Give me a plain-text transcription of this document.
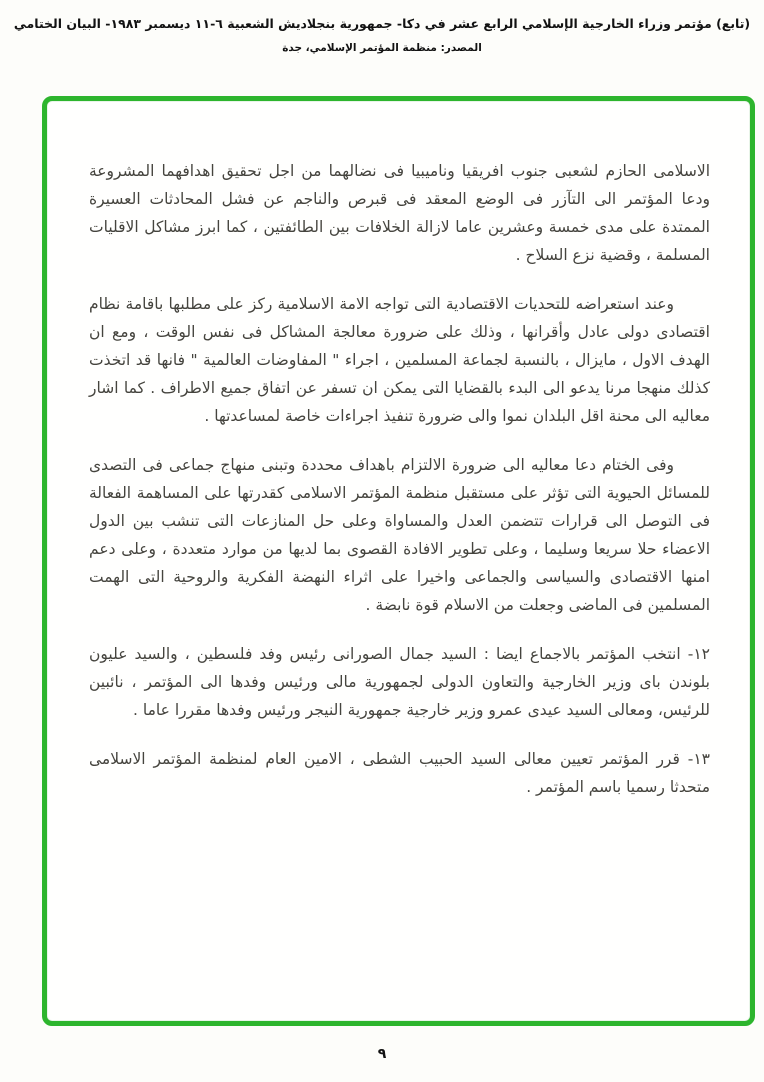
(تابع) مؤتمر وزراء الخارجية الإسلامي الرابع عشر في دكا- جمهورية بنجلاديش الشعبية ٦-١١ ديسمبر ١٩٨٣- البيان الختامي
المصدر: منظمة المؤتمر الإسلامي، جدة

الاسلامى الحازم لشعبى جنوب افريقيا وناميبيا فى نضالهما من اجل تحقيق اهدافهما المشروعة ودعا المؤتمر الى التآزر فى الوضع المعقد فى قبرص والناجم عن فشل المحادثات العسيرة الممتدة على مدى خمسة وعشرين عاما لازالة الخلافات بين الطائفتين ، كما ابرز مشاكل الاقليات المسلمة ، وقضية نزع السلاح .

وعند استعراضه للتحديات الاقتصادية التى تواجه الامة الاسلامية ركز على مطلبها باقامة نظام اقتصادى دولى عادل وأقرانها ، وذلك على ضرورة معالجة المشاكل فى نفس الوقت ، ومع ان الهدف الاول ، مايزال ، بالنسبة لجماعة المسلمين ، اجراء " المفاوضات العالمية " فانها قد اتخذت كذلك منهجا مرنا يدعو الى البدء بالقضايا التى يمكن ان تسفر عن اتفاق جميع الاطراف . كما اشار معاليه الى محنة اقل البلدان نموا والى ضرورة تنفيذ اجراءات خاصة لمساعدتها .

وفى الختام دعا معاليه الى ضرورة الالتزام باهداف محددة وتبنى منهاج جماعى فى التصدى للمسائل الحيوية التى تؤثر على مستقبل منظمة المؤتمر الاسلامى كقدرتها على المساهمة الفعالة فى التوصل الى قرارات تتضمن العدل والمساواة وعلى حل المنازعات التى تنشب بين الدول الاعضاء حلا سريعا وسليما ، وعلى تطوير الافادة القصوى بما لديها من موارد متعددة ، وعلى دعم امنها الاقتصادى والسياسى والجماعى واخيرا على اثراء النهضة الفكرية والروحية التى الهمت المسلمين فى الماضى وجعلت من الاسلام قوة نابضة .

١٢- انتخب المؤتمر بالاجماع ايضا : السيد جمال الصورانى رئيس وفد فلسطين ، والسيد عليون بلوندن باى وزير الخارجية والتعاون الدولى لجمهورية مالى ورئيس وفدها الى المؤتمر ، نائبين للرئيس، ومعالى السيد عيدى عمرو وزير خارجية جمهورية النيجر ورئيس وفدها مقررا عاما .

١٣- قرر المؤتمر تعيين معالى السيد الحبيب الشطى ، الامين العام لمنظمة المؤتمر الاسلامى متحدثا رسميا باسم المؤتمر .

٩
